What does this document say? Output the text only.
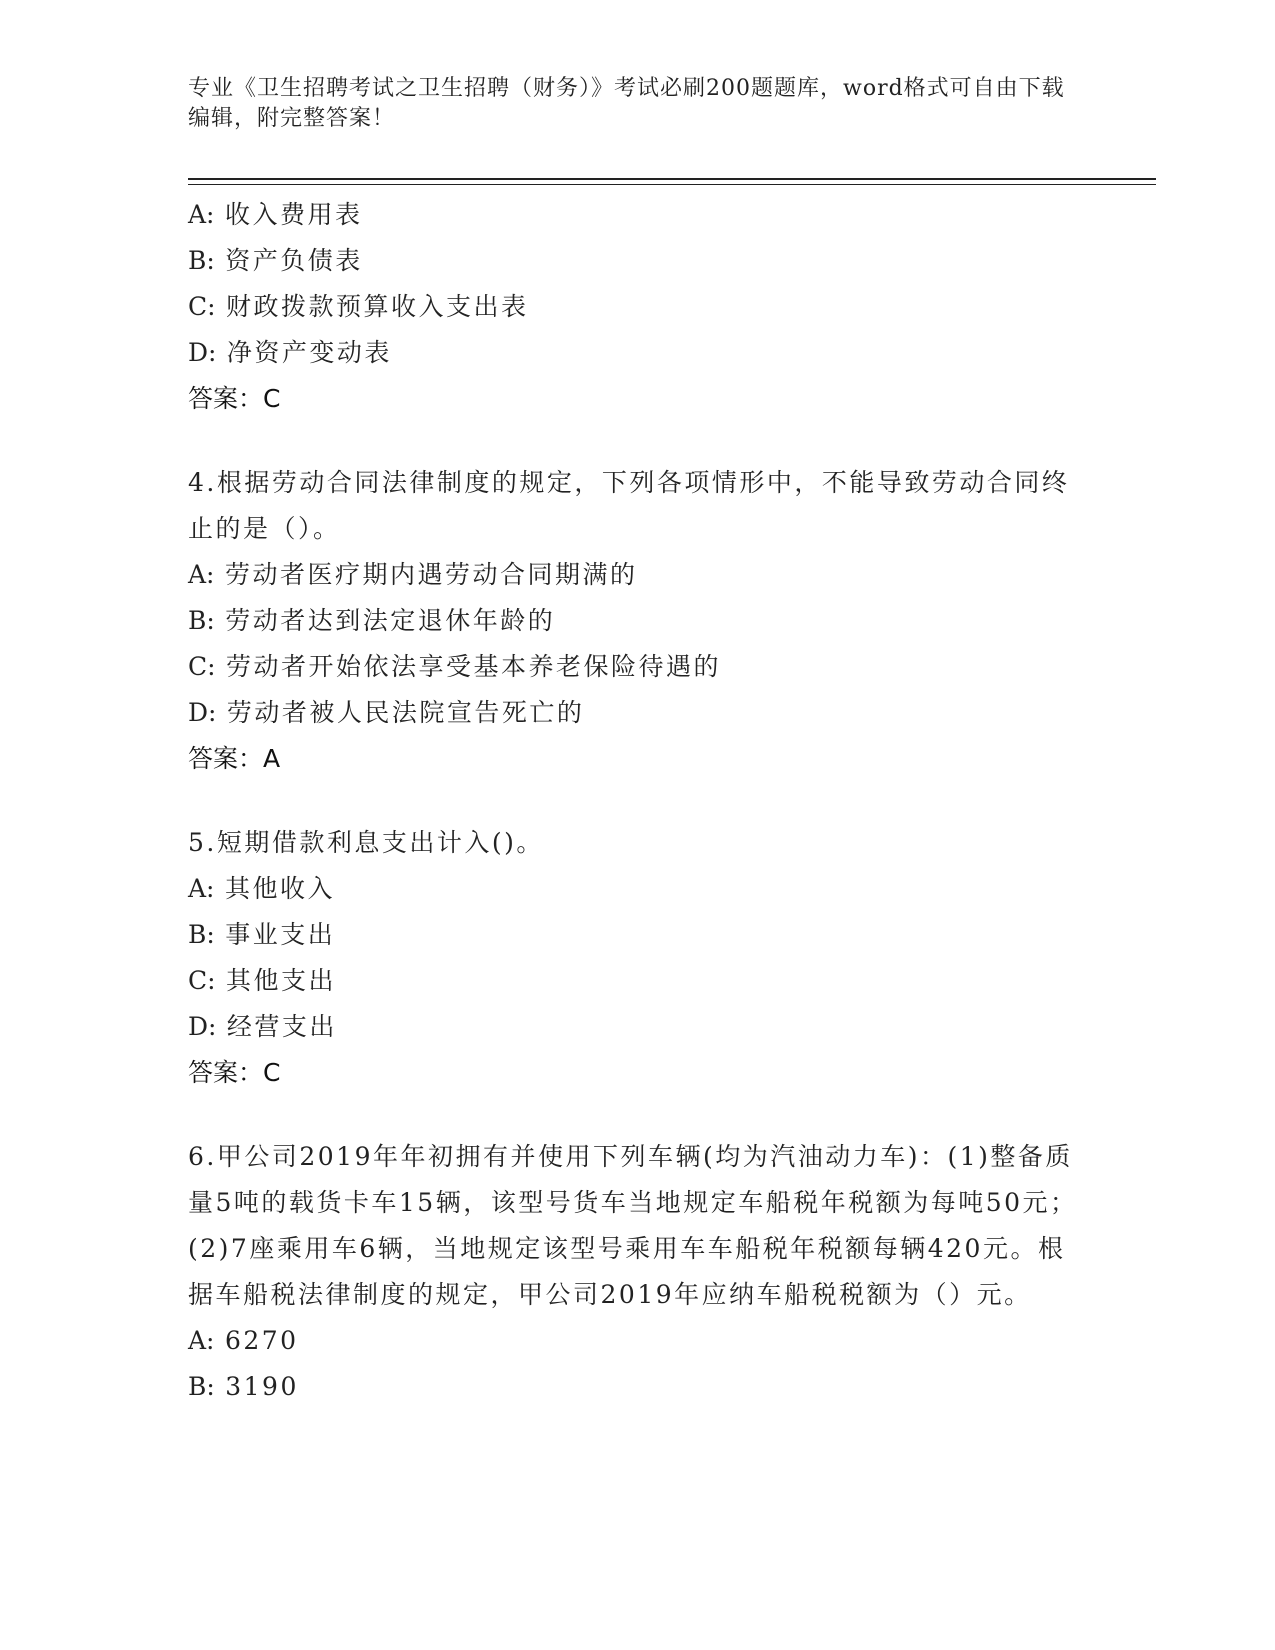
专业《卫生招聘考试之卫生招聘（财务）》考试必刷200题题库，word格式可自由下载编辑，附完整答案！
A: 收入费用表
B: 资产负债表
C: 财政拨款预算收入支出表
D: 净资产变动表
答案：C
4.根据劳动合同法律制度的规定，下列各项情形中，不能导致劳动合同终止的是（）。
A: 劳动者医疗期内遇劳动合同期满的
B: 劳动者达到法定退休年龄的
C: 劳动者开始依法享受基本养老保险待遇的
D: 劳动者被人民法院宣告死亡的
答案：A
5.短期借款利息支出计入()。
A: 其他收入
B: 事业支出
C: 其他支出
D: 经营支出
答案：C
6.甲公司2019年年初拥有并使用下列车辆(均为汽油动力车)：(1)整备质量5吨的载货卡车15辆，该型号货车当地规定车船税年税额为每吨50元；(2)7座乘用车6辆，当地规定该型号乘用车车船税年税额每辆420元。根据车船税法律制度的规定，甲公司2019年应纳车船税税额为（）元。
A: 6270
B: 3190
